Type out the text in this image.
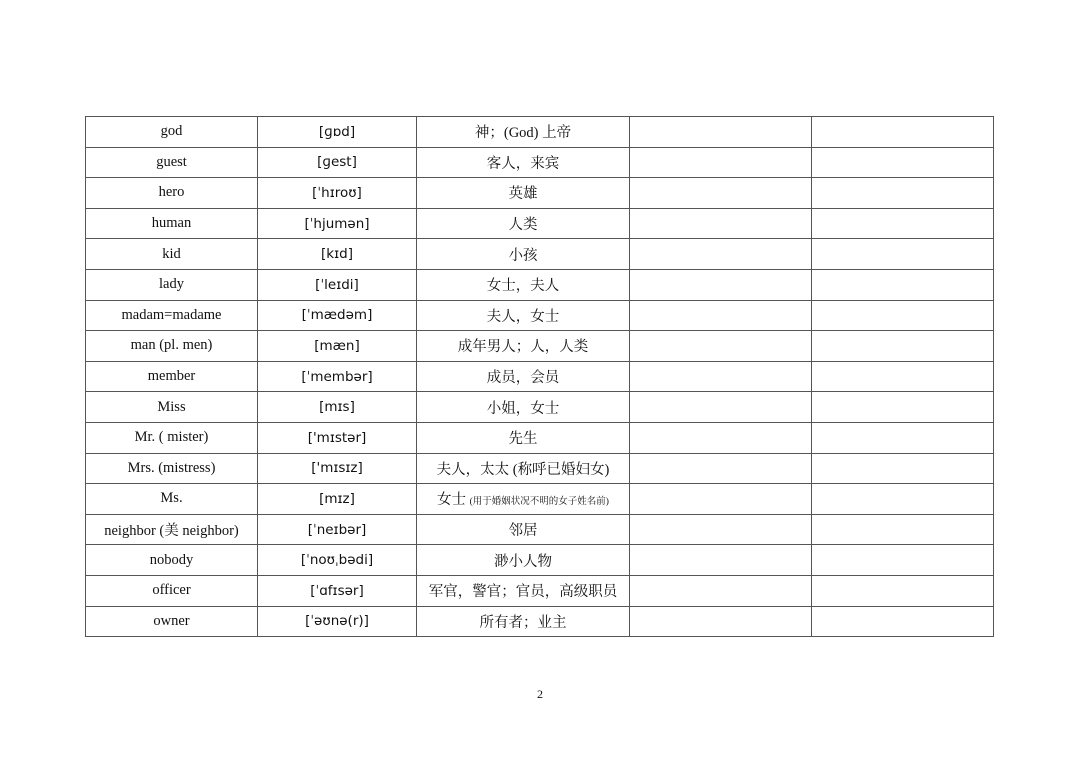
god	[ɡɒd]	神；(God) 上帝		
guest	[ɡest]	客人，来宾		
hero	[ˈhɪroʊ]	英雄		
human	[ˈhjumən]	人类		
kid	[kɪd]	小孩		
lady	[ˈleɪdi]	女士，夫人		
madam=madame	[ˈmædəm]	夫人，女士		
man (pl. men)	[mæn]	成年男人；人，人类		
member	[ˈmembər]	成员，会员		
Miss	[mɪs]	小姐，女士		
Mr. ( mister)	['mɪstər]	先生		
Mrs. (mistress)	['mɪsɪz]	夫人，太太 (称呼已婚妇女)		
Ms.	[mɪz]	女士 (用于婚姻状况不明的女子姓名前)		
neighbor (美 neighbor)	[ˈneɪbər]	邻居		
nobody	[ˈnoʊˌbədi]	渺小人物		
officer	[ˈɑfɪsər]	军官，警官；官员，高级职员		
owner	[ˈəʊnə(r)]	所有者；业主		
2
